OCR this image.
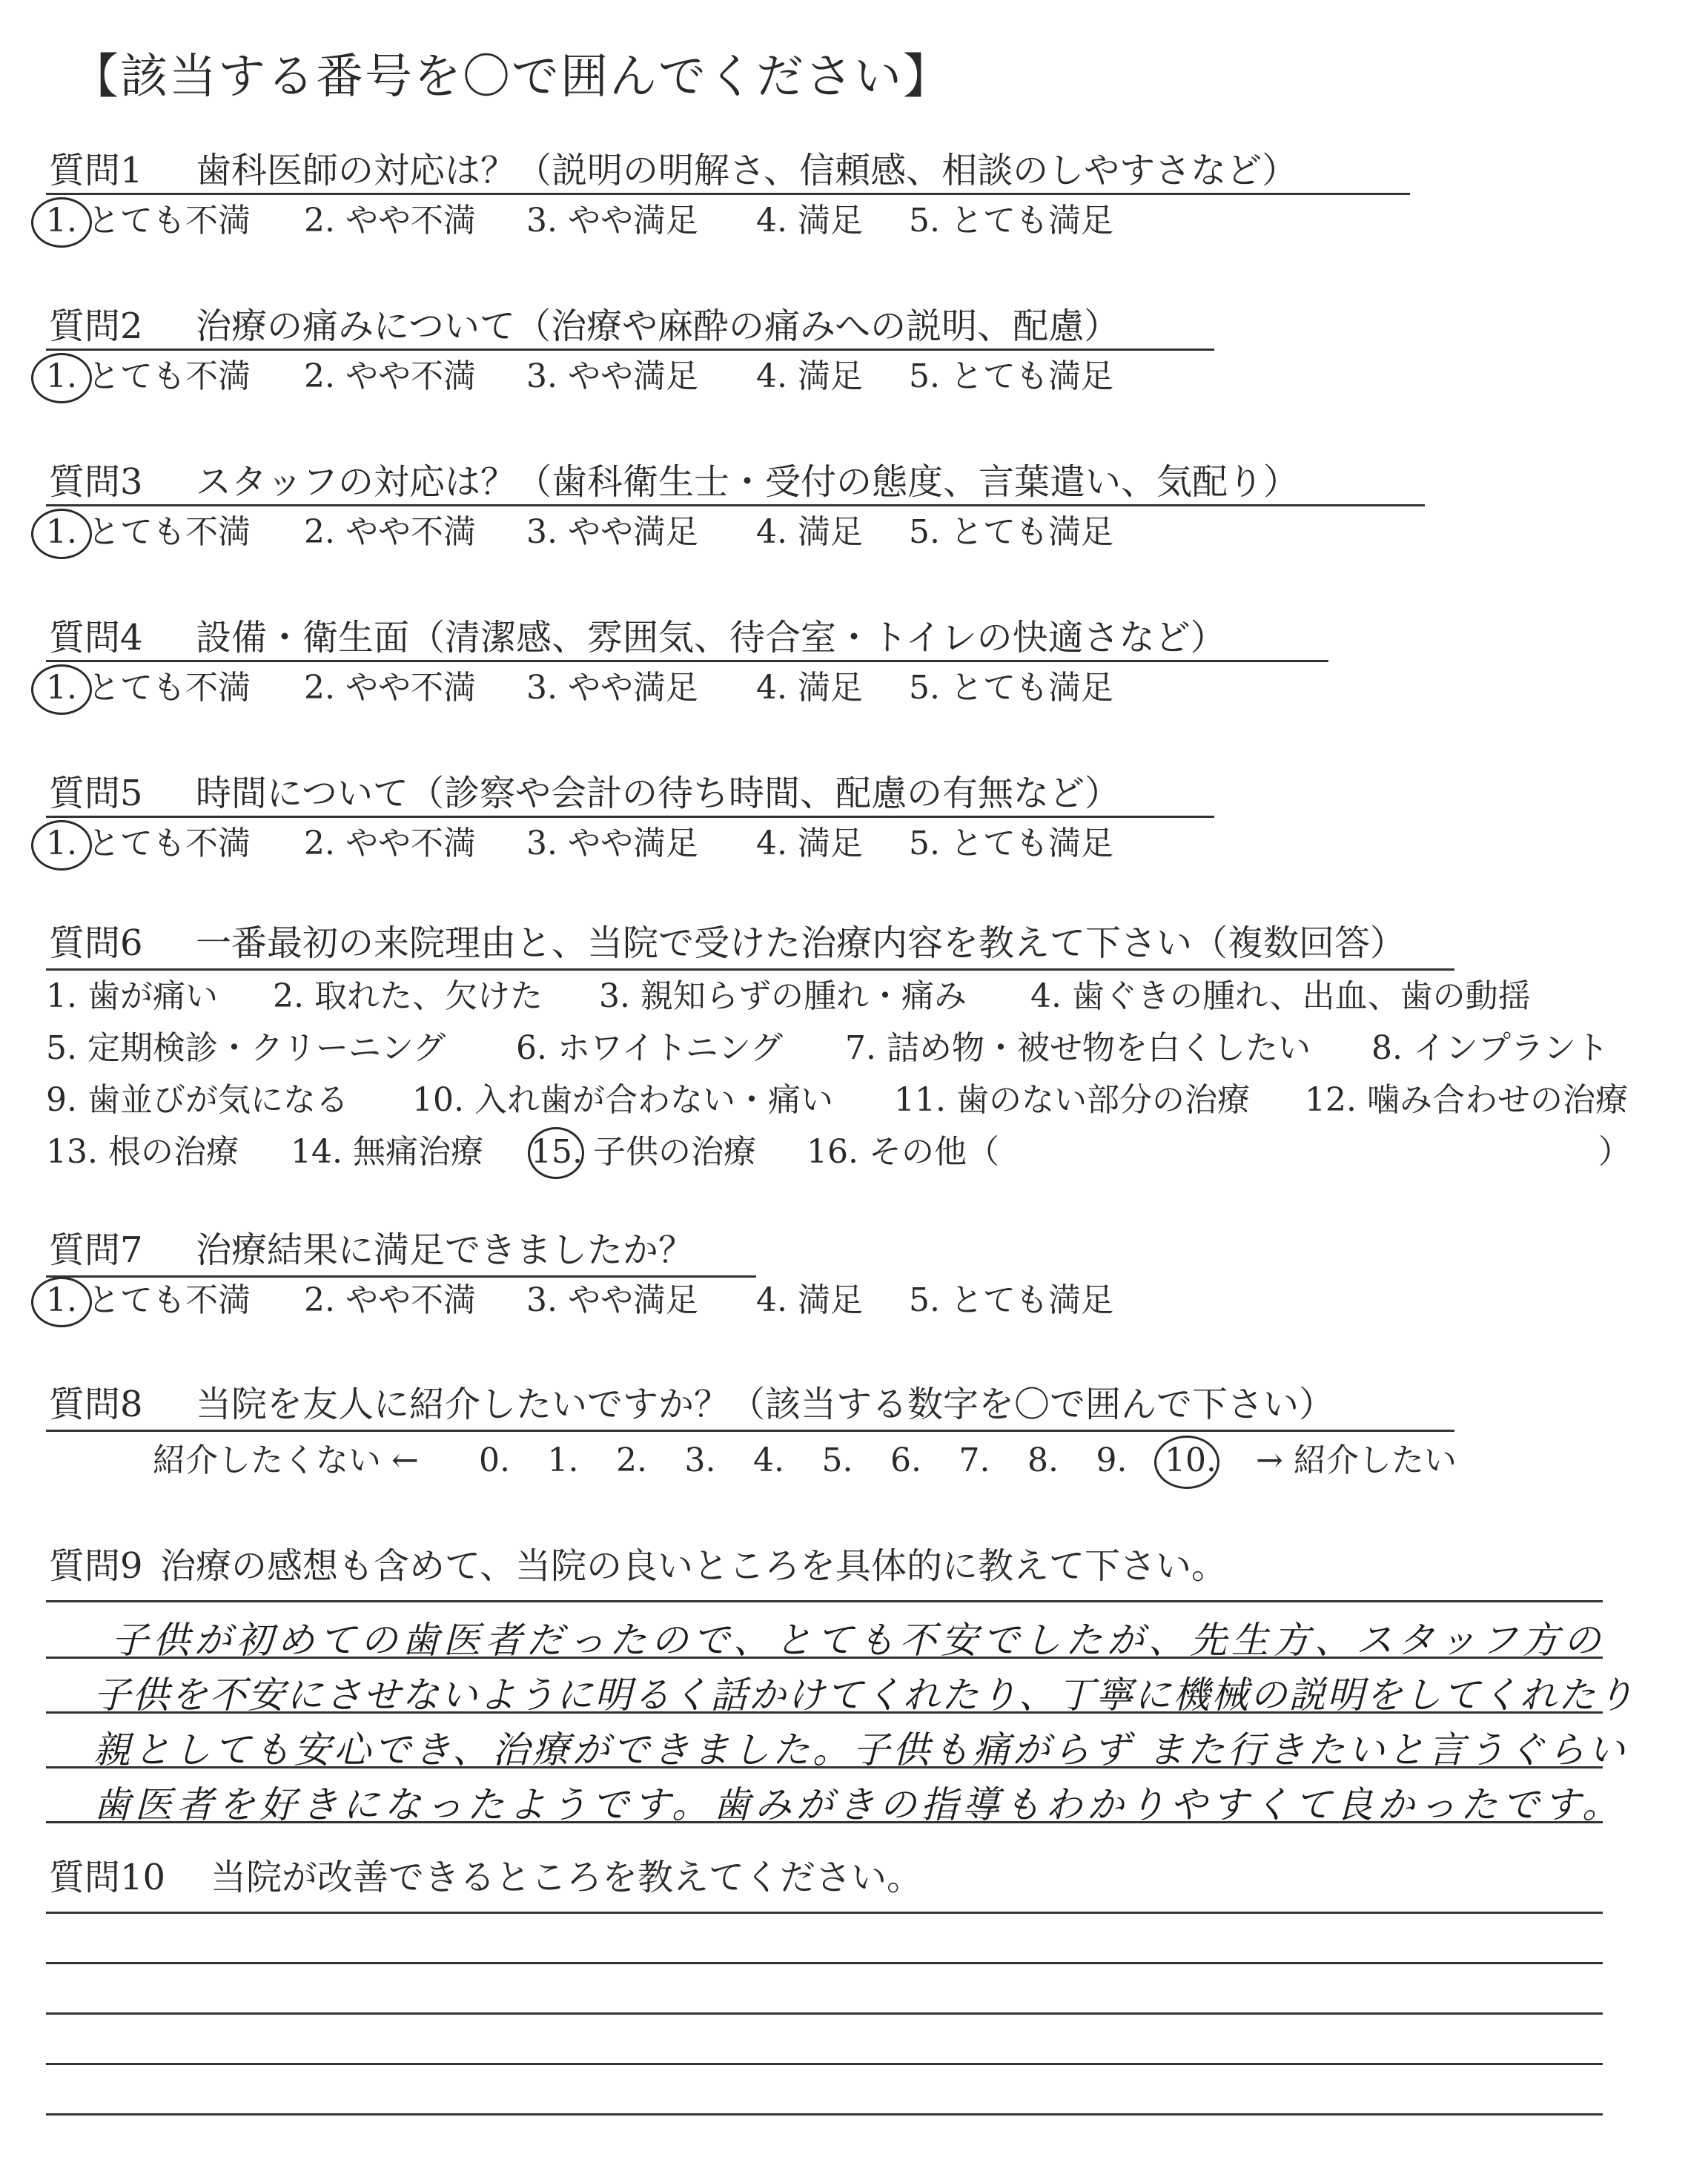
【該当する番号を〇で囲んでください】
質問1 歯科医師の対応は？（説明の明解さ、信頼感、相談のしやすさなど）
1. とても不満 2. やや不満 3. やや満足 4. 満足 5. とても満足
質問2 治療の痛みについて（治療や麻酔の痛みへの説明、配慮）
1. とても不満 2. やや不満 3. やや満足 4. 満足 5. とても満足
質問3 スタッフの対応は？（歯科衛生士・受付の態度、言葉遣い、気配り）
1. とても不満 2. やや不満 3. やや満足 4. 満足 5. とても満足
質問4 設備・衛生面（清潔感、雰囲気、待合室・トイレの快適さなど）
1. とても不満 2. やや不満 3. やや満足 4. 満足 5. とても満足
質問5 時間について（診察や会計の待ち時間、配慮の有無など）
1. とても不満 2. やや不満 3. やや満足 4. 満足 5. とても満足
質問6 一番最初の来院理由と、当院で受けた治療内容を教えて下さい（複数回答）
1. 歯が痛い 2. 取れた、欠けた 3. 親知らずの腫れ・痛み 4. 歯ぐきの腫れ、出血、歯の動揺
5. 定期検診・クリーニング 6. ホワイトニング 7. 詰め物・被せ物を白くしたい 8. インプラント
9. 歯並びが気になる 10. 入れ歯が合わない・痛い 11. 歯のない部分の治療 12. 噛み合わせの治療
13. 根の治療 14. 無痛治療 15. 子供の治療 16. その他（	）
質問7 治療結果に満足できましたか？
1. とても不満 2. やや不満 3. やや満足 4. 満足 5. とても満足
質問8 当院を友人に紹介したいですか？（該当する数字を〇で囲んで下さい）
紹介したくない ←	→ 紹介したい
0. 1. 2. 3. 4. 5. 6. 7. 8. 9. 10.
質問9 治療の感想も含めて、当院の良いところを具体的に教えて下さい。
子供が初めての歯医者だったので、とても不安でしたが、先生方、スタッフ方の
子供を不安にさせないように明るく話かけてくれたり、丁寧に機械の説明をしてくれたり
親としても安心でき、治療ができました。子供も痛がらず また行きたいと言うぐらい
歯医者を好きになったようです。歯みがきの指導もわかりやすくて良かったです。
質問10 当院が改善できるところを教えてください。
